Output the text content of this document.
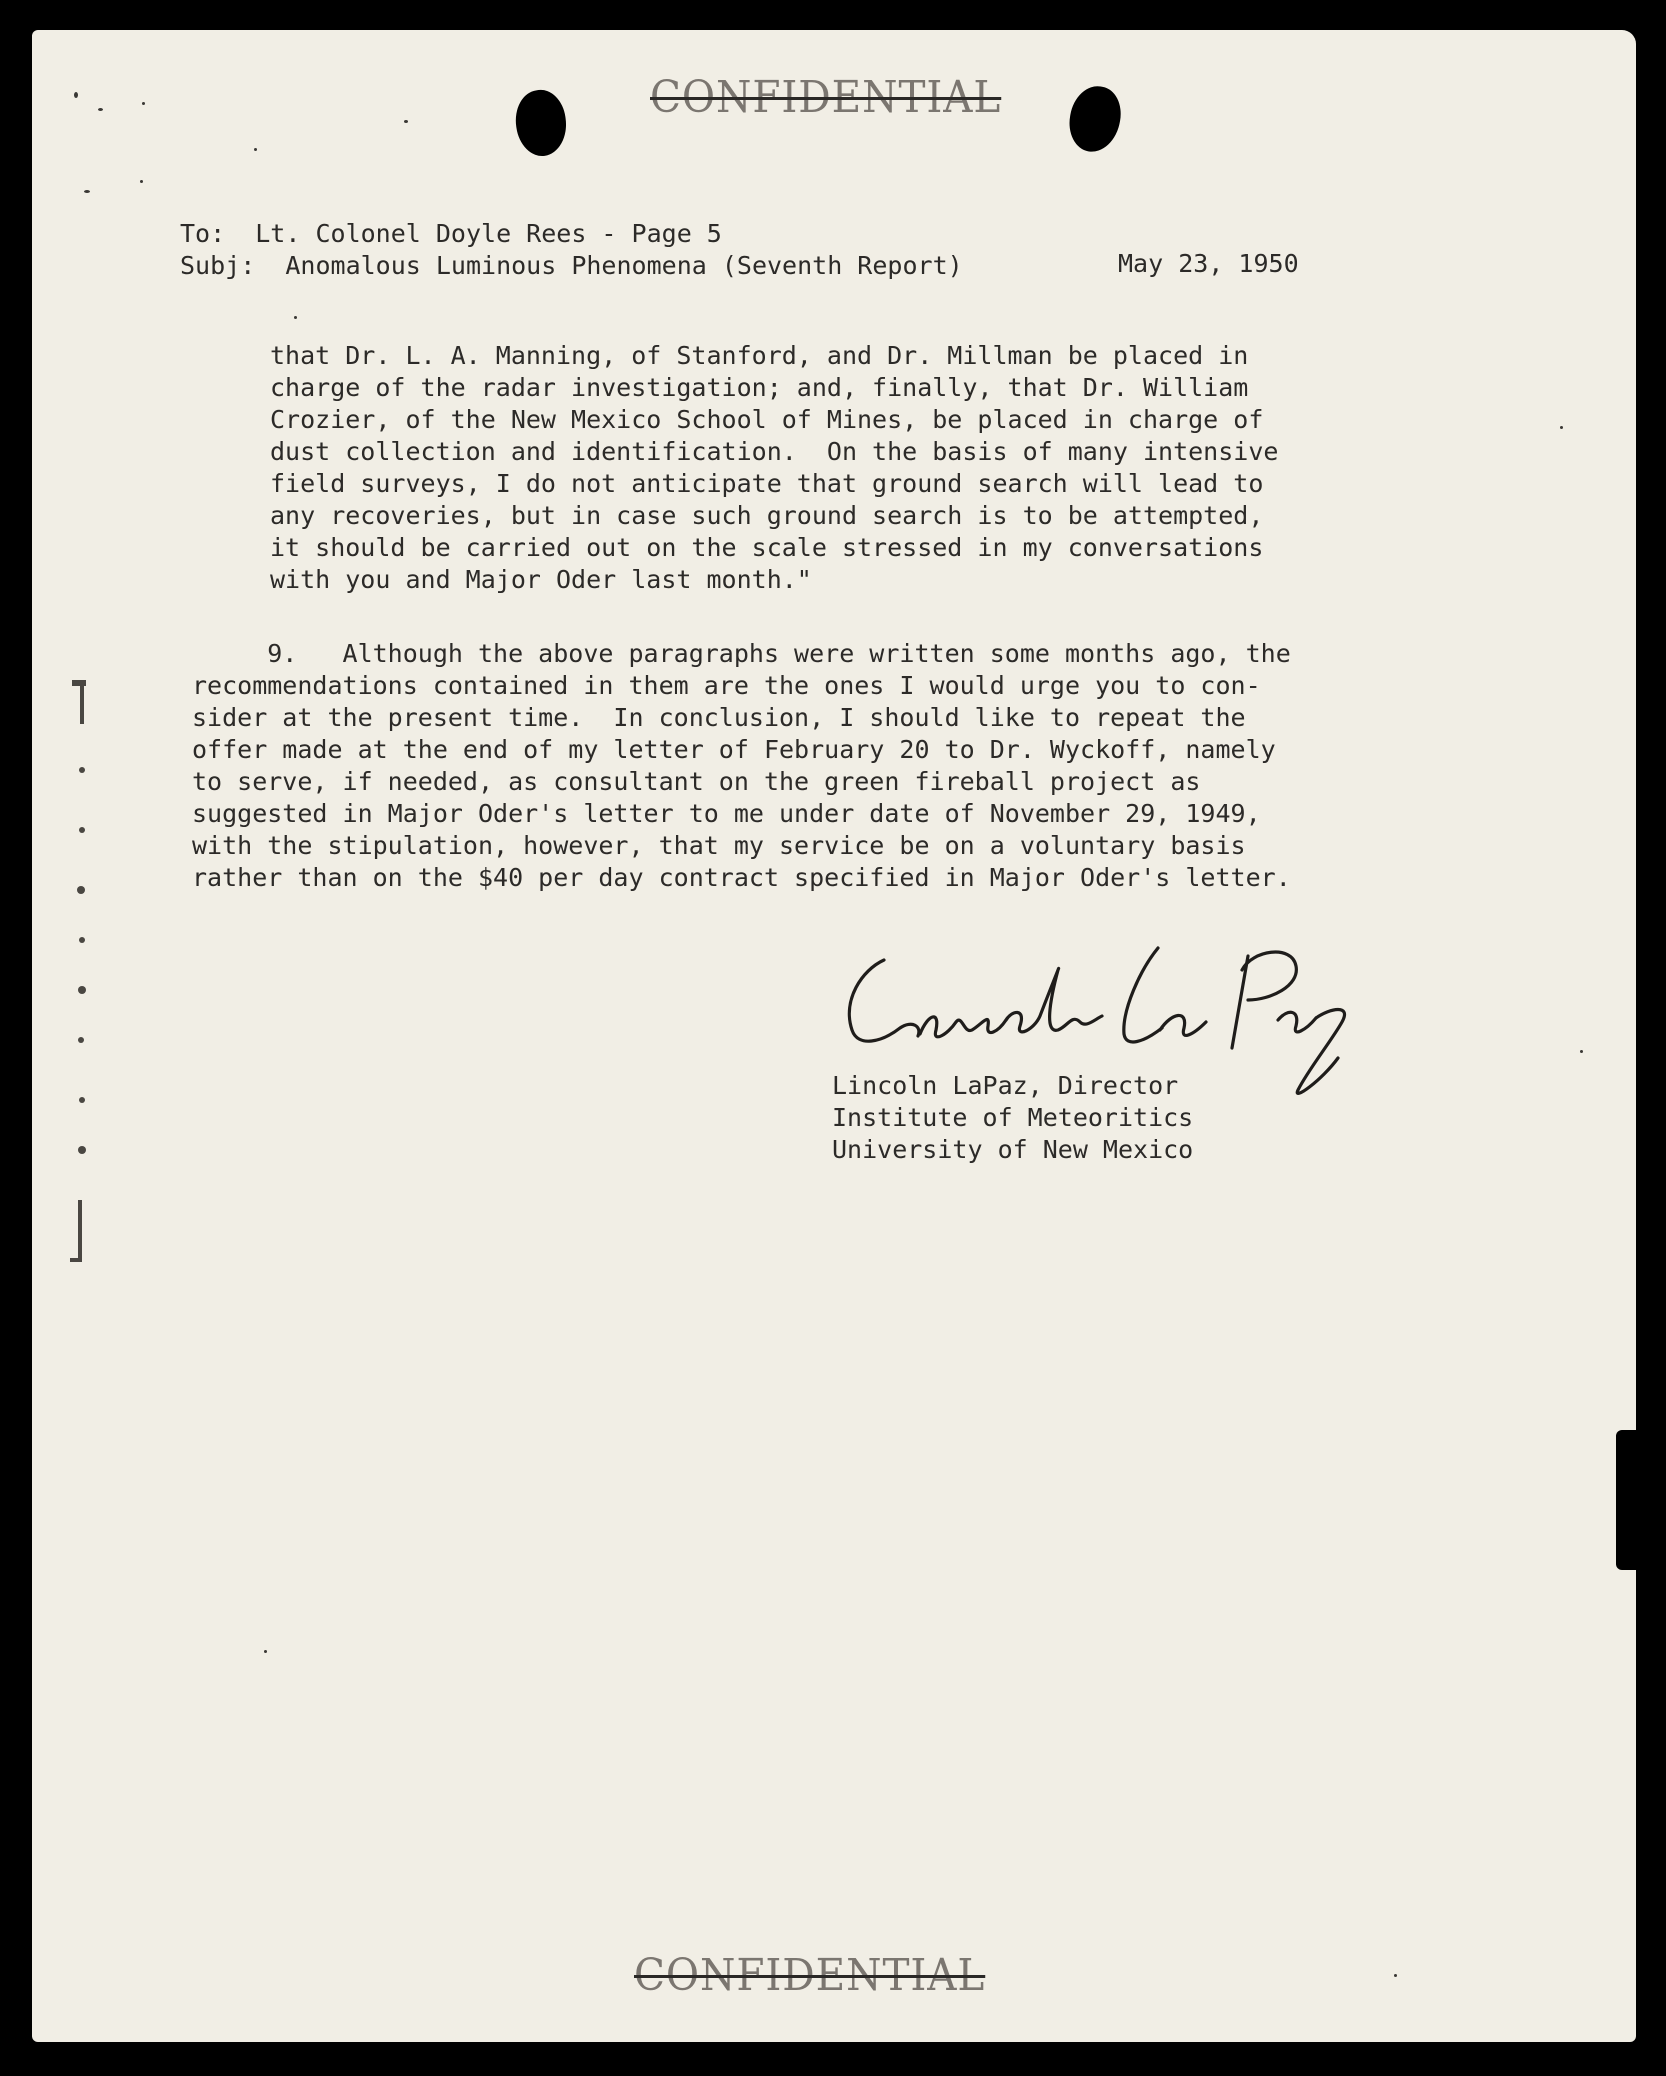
CONFIDENTIAL
To:  Lt. Colonel Doyle Rees - Page 5
Subj:  Anomalous Luminous Phenomena (Seventh Report)	May 23, 1950
that Dr. L. A. Manning, of Stanford, and Dr. Millman be placed in
charge of the radar investigation; and, finally, that Dr. William
Crozier, of the New Mexico School of Mines, be placed in charge of
dust collection and identification.  On the basis of many intensive
field surveys, I do not anticipate that ground search will lead to
any recoveries, but in case such ground search is to be attempted,
it should be carried out on the scale stressed in my conversations
with you and Major Oder last month."
9.   Although the above paragraphs were written some months ago, the
recommendations contained in them are the ones I would urge you to con-
sider at the present time.  In conclusion, I should like to repeat the
offer made at the end of my letter of February 20 to Dr. Wyckoff, namely
to serve, if needed, as consultant on the green fireball project as
suggested in Major Oder's letter to me under date of November 29, 1949,
with the stipulation, however, that my service be on a voluntary basis
rather than on the $40 per day contract specified in Major Oder's letter.
Lincoln LaPaz, Director
Institute of Meteoritics
University of New Mexico
CONFIDENTIAL
